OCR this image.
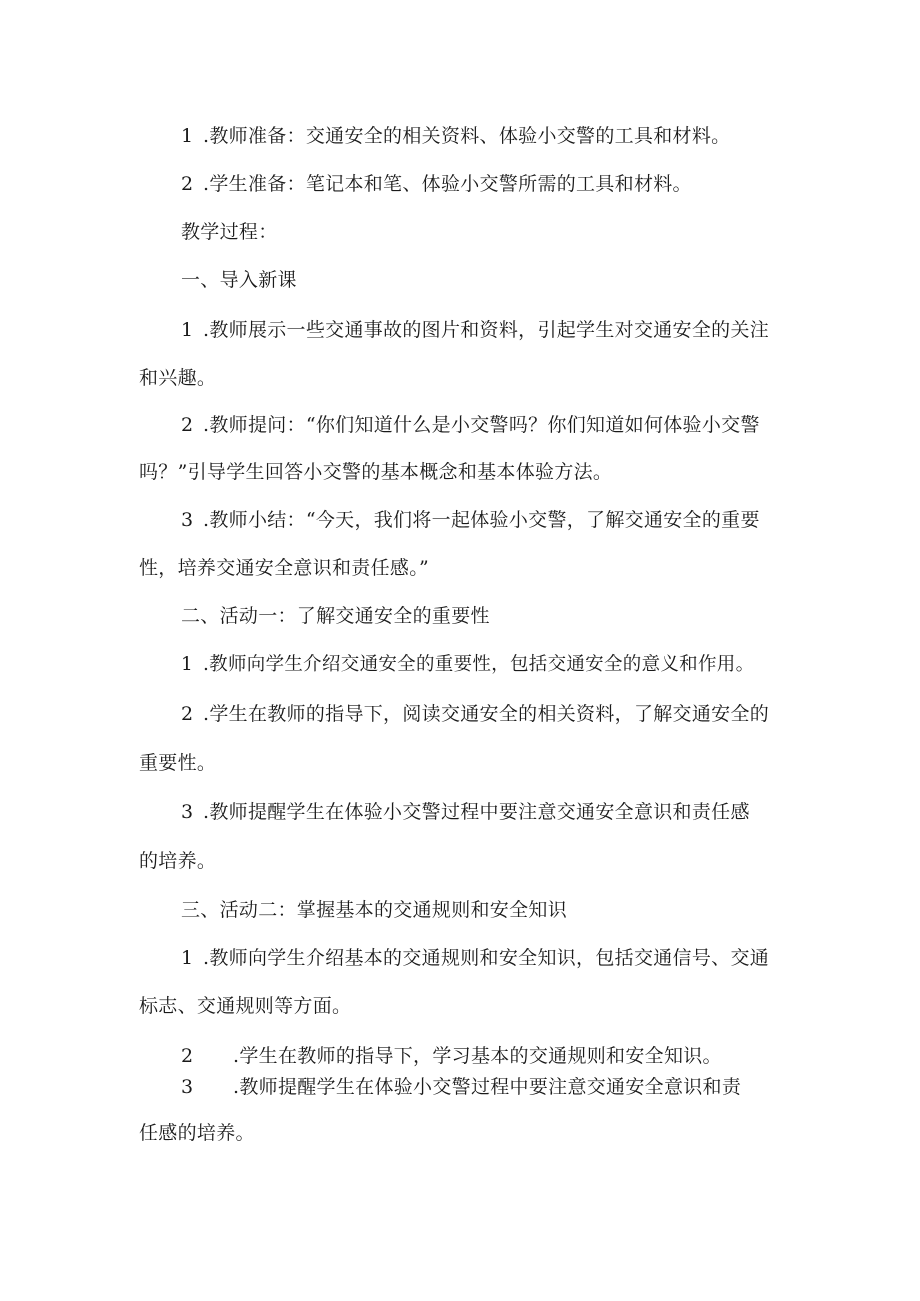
1 .教师准备：交通安全的相关资料、体验小交警的工具和材料。

2 .学生准备：笔记本和笔、体验小交警所需的工具和材料。

教学过程：

一、导入新课

1 .教师展示一些交通事故的图片和资料，引起学生对交通安全的关注

和兴趣。

2 .教师提问：“你们知道什么是小交警吗？你们知道如何体验小交警

吗？”引导学生回答小交警的基本概念和基本体验方法。

3 .教师小结：“今天，我们将一起体验小交警，了解交通安全的重要

性，培养交通安全意识和责任感。”

二、活动一：了解交通安全的重要性

1 .教师向学生介绍交通安全的重要性，包括交通安全的意义和作用。

2 .学生在教师的指导下，阅读交通安全的相关资料，了解交通安全的

重要性。

3 .教师提醒学生在体验小交警过程中要注意交通安全意识和责任感

的培养。

三、活动二：掌握基本的交通规则和安全知识

1 .教师向学生介绍基本的交通规则和安全知识，包括交通信号、交通

标志、交通规则等方面。

2 .学生在教师的指导下，学习基本的交通规则和安全知识。

3 .教师提醒学生在体验小交警过程中要注意交通安全意识和责

任感的培养。
